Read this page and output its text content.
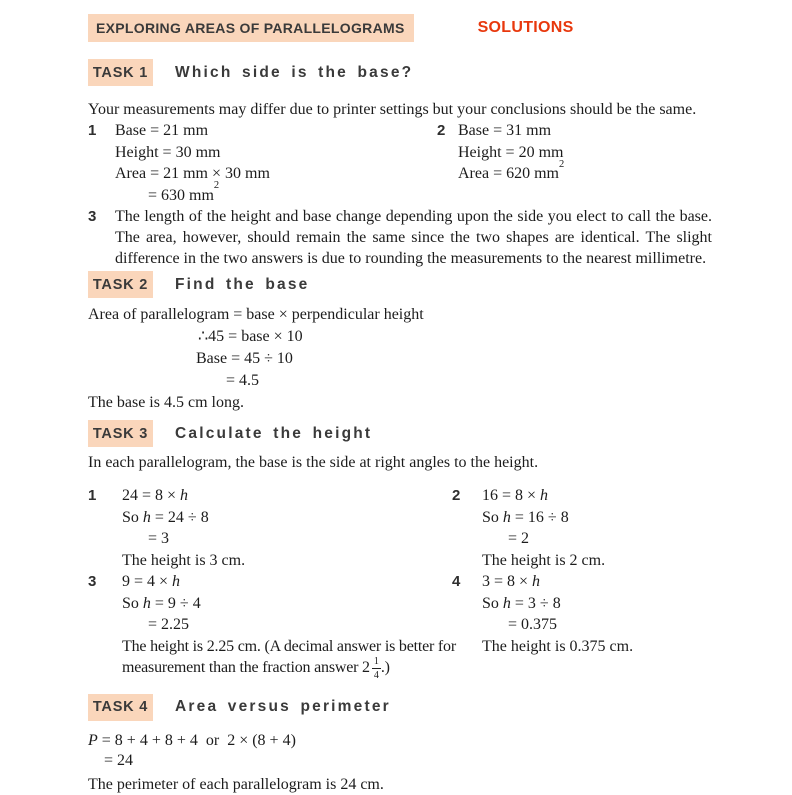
EXPLORING AREAS OF PARALLELOGRAMS	SOLUTIONS
TASK 1	Which side is the base?

Your measurements may differ due to printer settings but your conclusions should be the same.

1	Base = 21 mm
Height = 30 mm
Area = 21 mm × 30 mm
= 630 $mm^2$
2 Base = 31 mm
Height = 20 mm
Area = 620 $mm^2$
3	The length of the height and base change depending upon the side you elect to call the base. The area, however, should remain the same since the two shapes are identical. The slight difference in the two answers is due to rounding the measurements to the nearest millimetre.
TASK 2	Find the base
Area of parallelogram = base × perpendicular height
∴45 = base × 10
Base = 45 ÷ 10
= 4.5

The base is 4.5 cm long.

TASK 3	Calculate the height

In each parallelogram, the base is the side at right angles to the height.

1	24 = 8 × h
So h = 24 ÷ 8
= 3
The height is 3 cm.
2	16 = 8 × h
So h = 16 ÷ 8
= 2
The height is 2 cm.
3	9 = 4 × h
So h = 9 ÷ 4
= 2.25
The height is 2.25 cm. (A decimal answer is better for measurement than the fraction answer $2 \frac{1}{4}$ .)
4	3 = 8 × h
So h = 3 ÷ 8
= 0.375
The height is 0.375 cm.
TASK 4	Area versus perimeter
P = 8 + 4 + 8 + 4  or  2 × (8 + 4)
= 24

The perimeter of each parallelogram is 24 cm.
